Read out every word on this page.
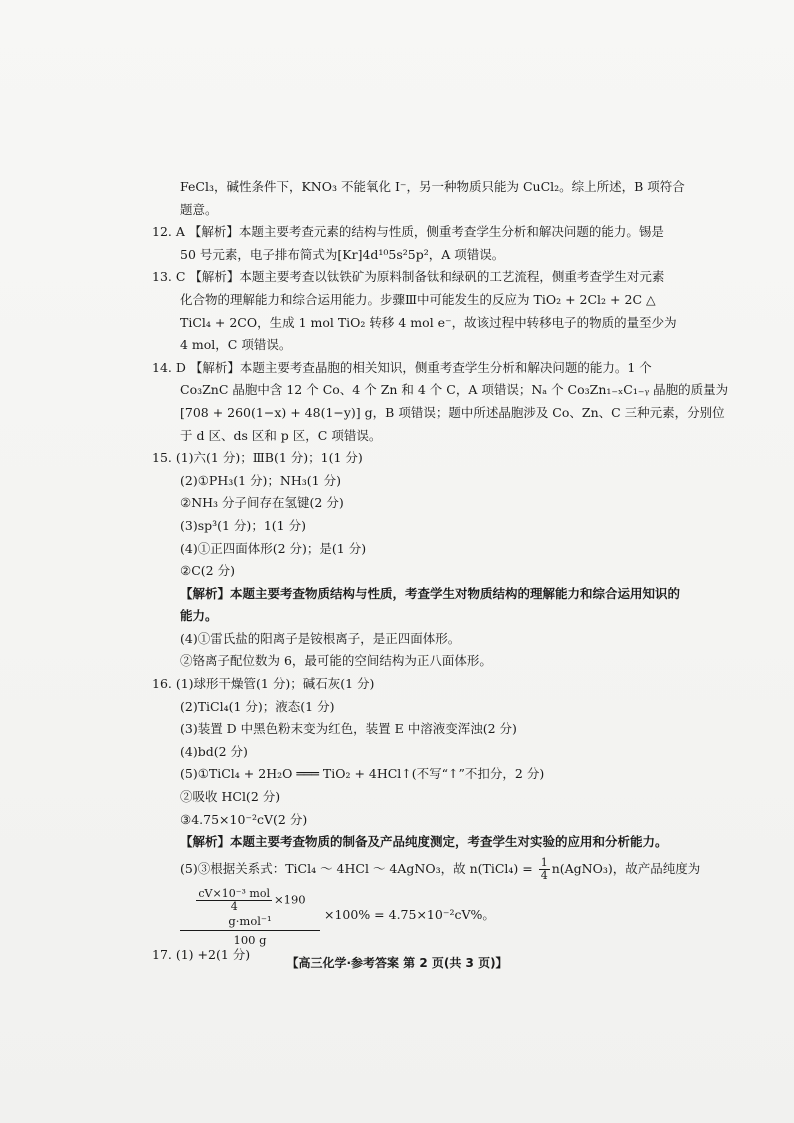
FeCl₃，碱性条件下，KNO₃ 不能氧化 I⁻，另一种物质只能为 CuCl₂。综上所述，B 项符合
题意。
12. A 【解析】本题主要考查元素的结构与性质，侧重考查学生分析和解决问题的能力。锡是
50 号元素，电子排布简式为[Kr]4d¹⁰5s²5p²，A 项错误。
13. C 【解析】本题主要考查以钛铁矿为原料制备钛和绿矾的工艺流程，侧重考查学生对元素
化合物的理解能力和综合运用能力。步骤Ⅲ中可能发生的反应为 TiO₂ + 2Cl₂ + 2C △
TiCl₄ + 2CO，生成 1 mol TiO₂ 转移 4 mol e⁻，故该过程中转移电子的物质的量至少为
4 mol，C 项错误。
14. D 【解析】本题主要考查晶胞的相关知识，侧重考查学生分析和解决问题的能力。1 个
Co₃ZnC 晶胞中含 12 个 Co、4 个 Zn 和 4 个 C，A 项错误；Nₐ 个 Co₃Zn₁₋ₓC₁₋ᵧ 晶胞的质量为
[708 + 260(1−x) + 48(1−y)] g，B 项错误；题中所述晶胞涉及 Co、Zn、C 三种元素，分别位
于 d 区、ds 区和 p 区，C 项错误。
15. (1)六(1 分)；ⅢB(1 分)；1(1 分)
(2)①PH₃(1 分)；NH₃(1 分)
②NH₃ 分子间存在氢键(2 分)
(3)sp³(1 分)；1(1 分)
(4)①正四面体形(2 分)；是(1 分)
②C(2 分)
【解析】本题主要考查物质结构与性质，考查学生对物质结构的理解能力和综合运用知识的
能力。
(4)①雷氏盐的阳离子是铵根离子，是正四面体形。
②铬离子配位数为 6，最可能的空间结构为正八面体形。
16. (1)球形干燥管(1 分)；碱石灰(1 分)
(2)TiCl₄(1 分)；液态(1 分)
(3)装置 D 中黑色粉末变为红色，装置 E 中溶液变浑浊(2 分)
(4)bd(2 分)
(5)①TiCl₄ + 2H₂O ═══ TiO₂ + 4HCl↑(不写“↑”不扣分，2 分)
②吸收 HCl(2 分)
③4.75×10⁻²cV(2 分)
【解析】本题主要考查物质的制备及产品纯度测定，考查学生对实验的应用和分析能力。
(5)③根据关系式：TiCl₄ ～ 4HCl ～ 4AgNO₃，故 n(TiCl₄) = $\frac{1}{4}$ n(AgNO₃)，故产品纯度为
$\frac{\text{cV×10⁻³ mol}}{4} \times 190$ g·mol⁻¹
100 g
×100% = 4.75×10⁻²cV%。
17. (1) +2(1 分)
【高三化学·参考答案 第 2 页(共 3 页)】
